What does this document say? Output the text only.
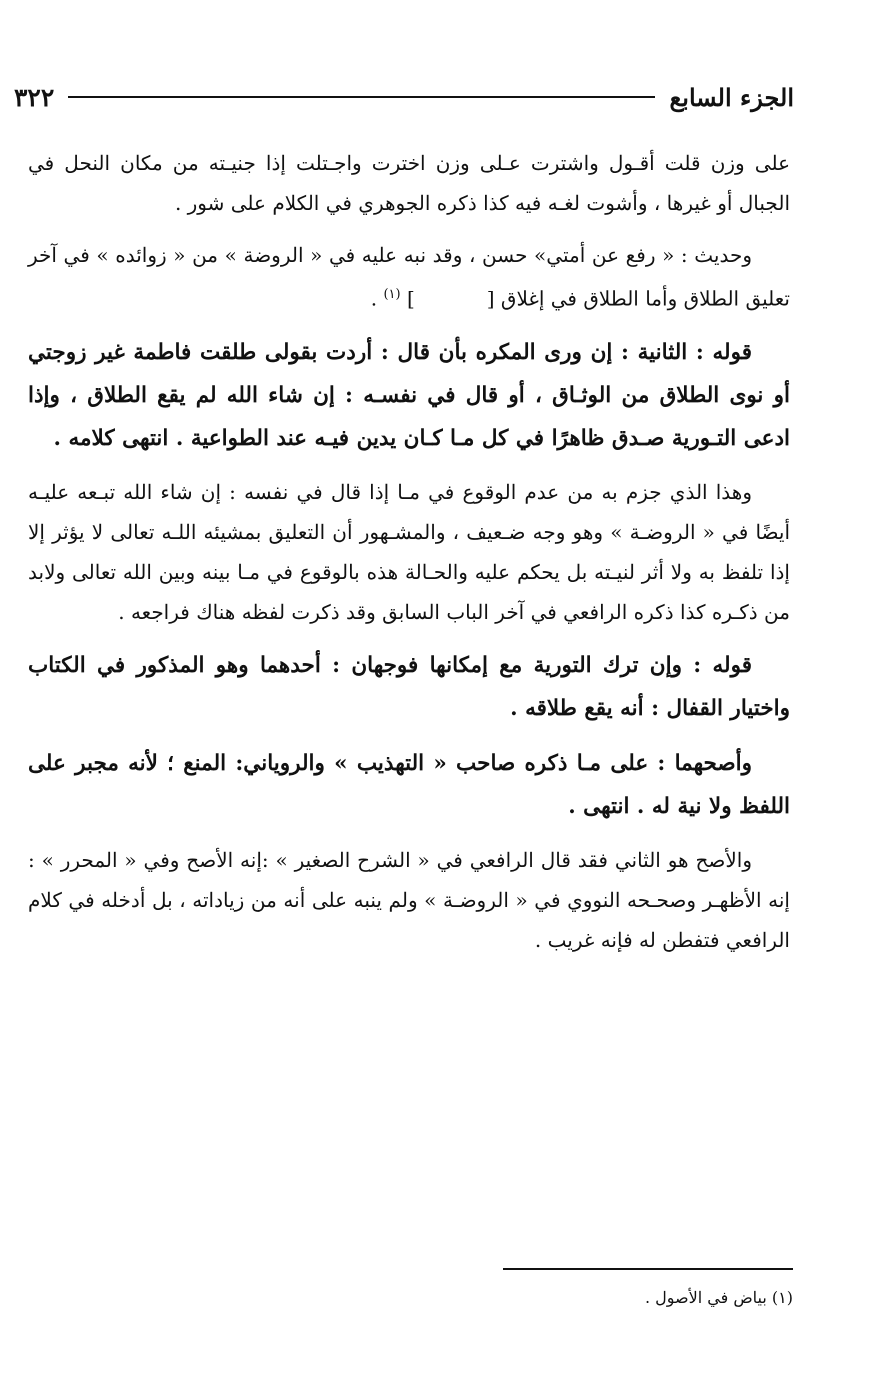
الجزء السابع
٣٢٢

على وزن قلت أقـول واشترت عـلى وزن اخترت واجـتلت إذا جنيـته من مكان النحل في الجبال أو غيرها ، وأشوت لغـه فيه كذا ذكره الجوهري في الكلام على شور .

وحديث : « رفع عن أمتي» حسن ، وقد نبه عليه في « الروضة » من « زوائده » في آخر تعليق الطلاق وأما الطلاق في إغلاق [] $^{(١)}$ .

قوله : الثانية : إن ورى المكره بأن قال : أردت بقولى طلقت فاطمة غير زوجتي أو نوى الطلاق من الوثـاق ، أو قال في نفسـه : إن شاء الله لم يقع الطلاق ، وإذا ادعى التـورية صـدق ظاهرًا في كل مـا كـان يدين فيـه عند الطواعية . انتهى كلامه .

وهذا الذي جزم به من عدم الوقوع في مـا إذا قال في نفسه : إن شاء الله تبـعه عليـه أيضًا في « الروضـة » وهو وجه ضـعيف ، والمشـهور أن التعليق بمشيئه اللـه تعالى لا يؤثر إلا إذا تلفظ به ولا أثر لنيـته بل يحكم عليه والحـالة هذه بالوقوع في مـا بينه وبين الله تعالى ولابد من ذكـره كذا ذكره الرافعي في آخر الباب السابق وقد ذكرت لفظه هناك فراجعه .

قوله : وإن ترك التورية مع إمكانها فوجهان : أحدهما وهو المذكور في الكتاب واختيار القفال : أنه يقع طلاقه .

وأصحهما : على مـا ذكره صاحب « التهذيب » والروياني: المنع ؛ لأنه مجبر على اللفظ ولا نية له . انتهى .

والأصح هو الثاني فقد قال الرافعي في « الشرح الصغير » :إنه الأصح وفي « المحرر » : إنه الأظهـر وصحـحه النووي في « الروضـة » ولم ينبه على أنه من زياداته ، بل أدخله في كلام الرافعي فتفطن له فإنه غريب .

(١) بياض في الأصول .
